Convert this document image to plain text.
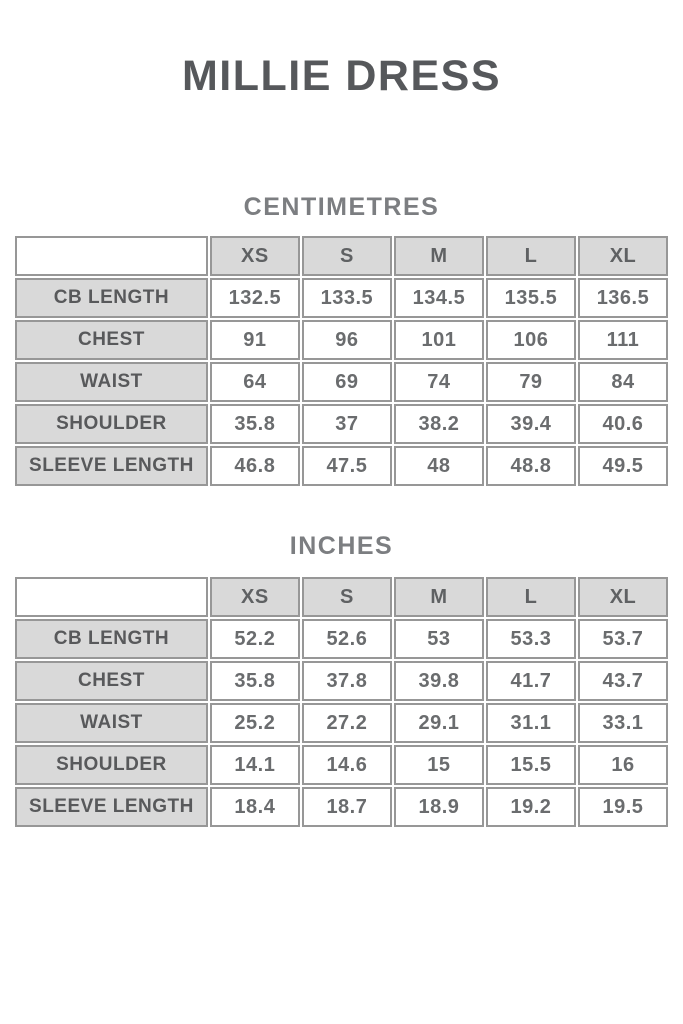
MILLIE DRESS
CENTIMETRES
	XS	S	M	L	XL
CB LENGTH	132.5	133.5	134.5	135.5	136.5
CHEST	91	96	101	106	111
WAIST	64	69	74	79	84
SHOULDER	35.8	37	38.2	39.4	40.6
SLEEVE LENGTH	46.8	47.5	48	48.8	49.5
INCHES
	XS	S	M	L	XL
CB LENGTH	52.2	52.6	53	53.3	53.7
CHEST	35.8	37.8	39.8	41.7	43.7
WAIST	25.2	27.2	29.1	31.1	33.1
SHOULDER	14.1	14.6	15	15.5	16
SLEEVE LENGTH	18.4	18.7	18.9	19.2	19.5
